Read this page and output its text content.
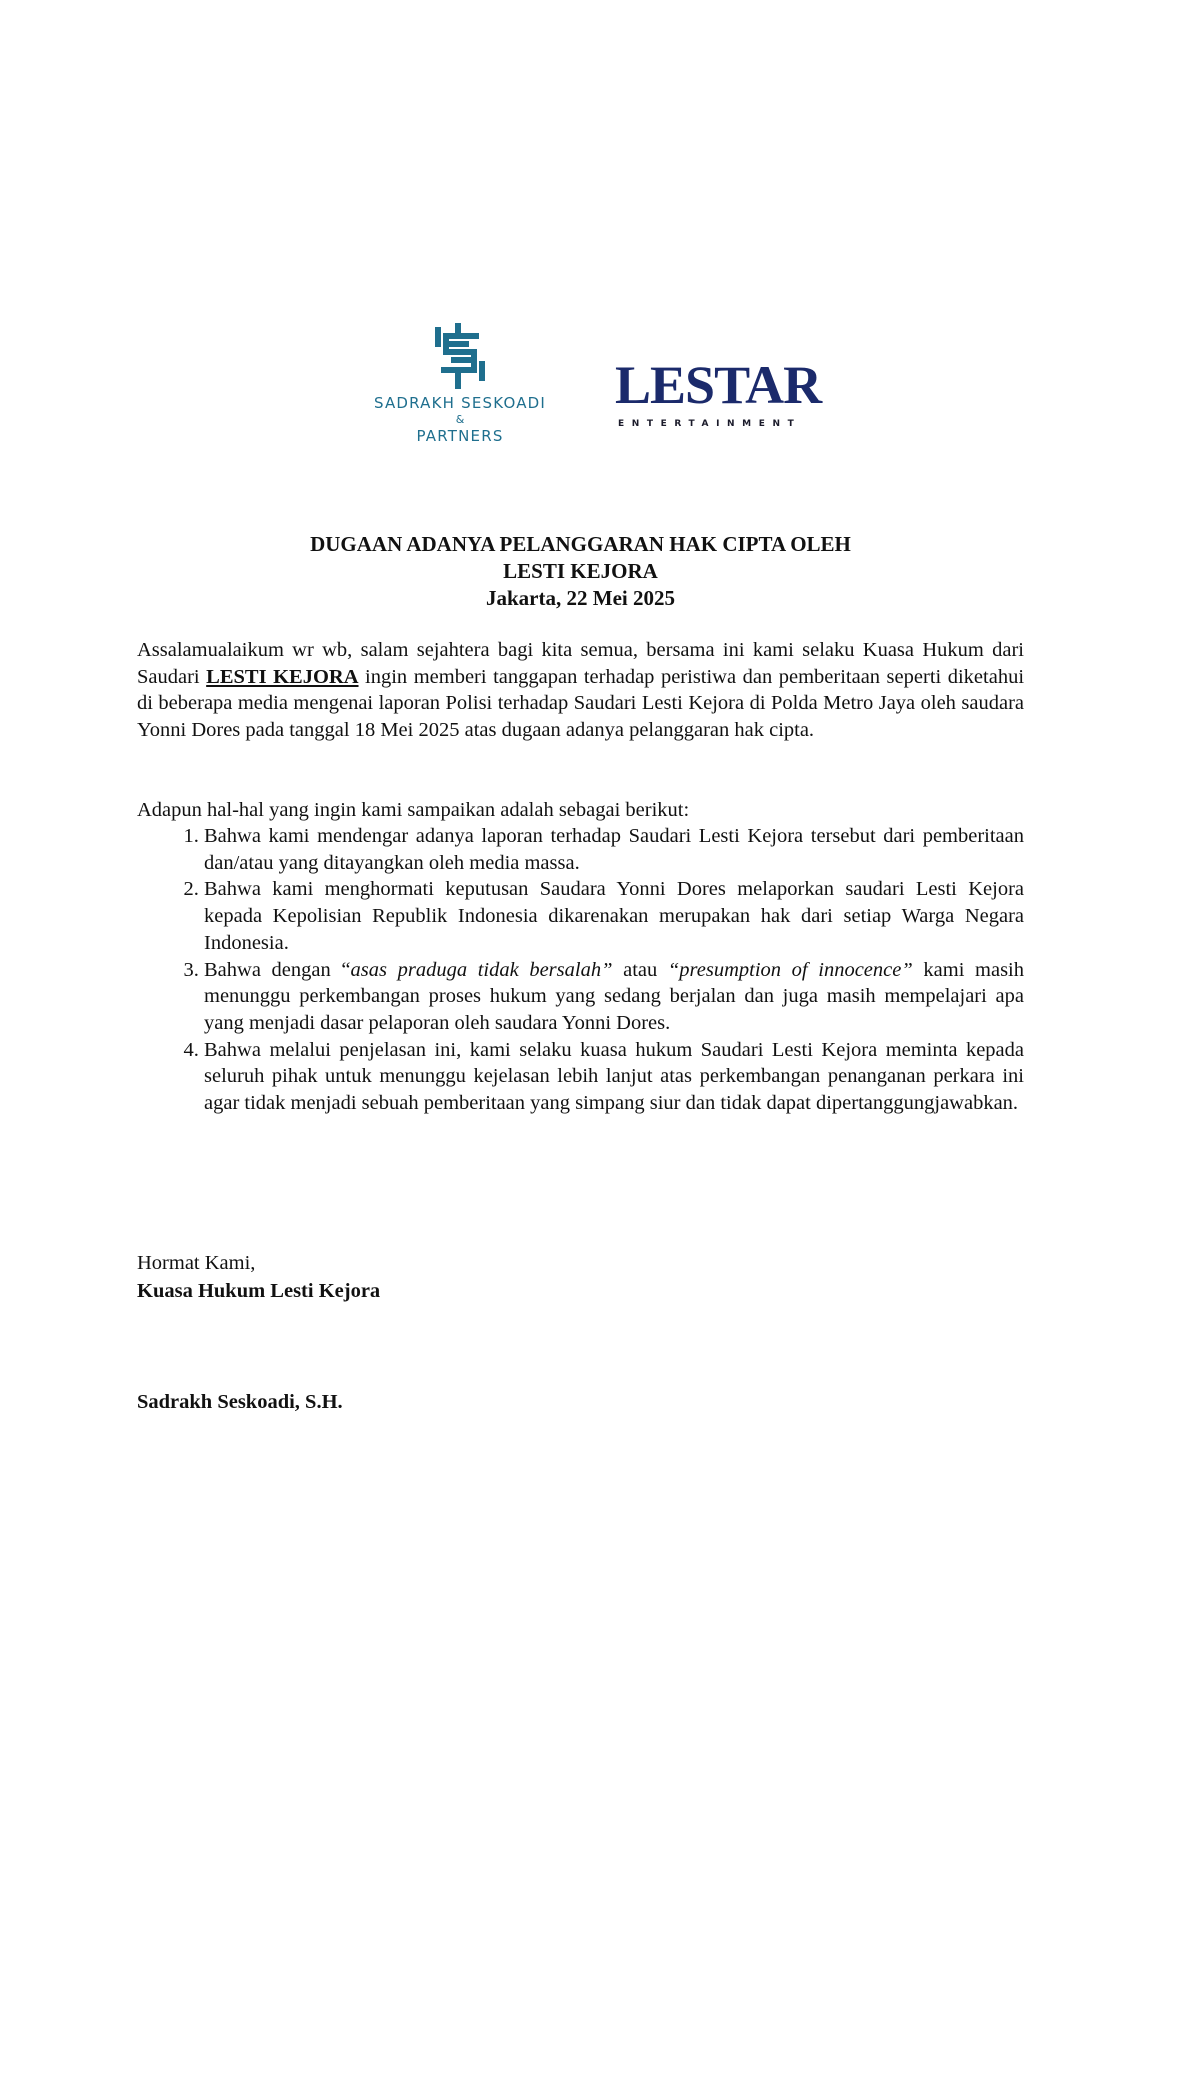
SADRAKH SESKOADI
&
PARTNERS
LESTAR
ENTERTAINMENT
DUGAAN ADANYA PELANGGARAN HAK CIPTA OLEH
LESTI KEJORA
Jakarta, 22 Mei 2025
Assalamualaikum wr wb, salam sejahtera bagi kita semua, bersama ini kami selaku Kuasa Hukum dari Saudari LESTI KEJORA ingin memberi tanggapan terhadap peristiwa dan pemberitaan seperti diketahui di beberapa media mengenai laporan Polisi terhadap Saudari Lesti Kejora di Polda Metro Jaya oleh saudara Yonni Dores pada tanggal 18 Mei 2025 atas dugaan adanya pelanggaran hak cipta.
Adapun hal-hal yang ingin kami sampaikan adalah sebagai berikut:
1. Bahwa kami mendengar adanya laporan terhadap Saudari Lesti Kejora tersebut dari pemberitaan dan/atau yang ditayangkan oleh media massa.
2. Bahwa kami menghormati keputusan Saudara Yonni Dores melaporkan saudari Lesti Kejora kepada Kepolisian Republik Indonesia dikarenakan merupakan hak dari setiap Warga Negara Indonesia.
3. Bahwa dengan “asas praduga tidak bersalah” atau “presumption of innocence” kami masih menunggu perkembangan proses hukum yang sedang berjalan dan juga masih mempelajari apa yang menjadi dasar pelaporan oleh saudara Yonni Dores.
4. Bahwa melalui penjelasan ini, kami selaku kuasa hukum Saudari Lesti Kejora meminta kepada seluruh pihak untuk menunggu kejelasan lebih lanjut atas perkembangan penanganan perkara ini agar tidak menjadi sebuah pemberitaan yang simpang siur dan tidak dapat dipertanggungjawabkan.
Hormat Kami,
Kuasa Hukum Lesti Kejora
Sadrakh Seskoadi, S.H.
